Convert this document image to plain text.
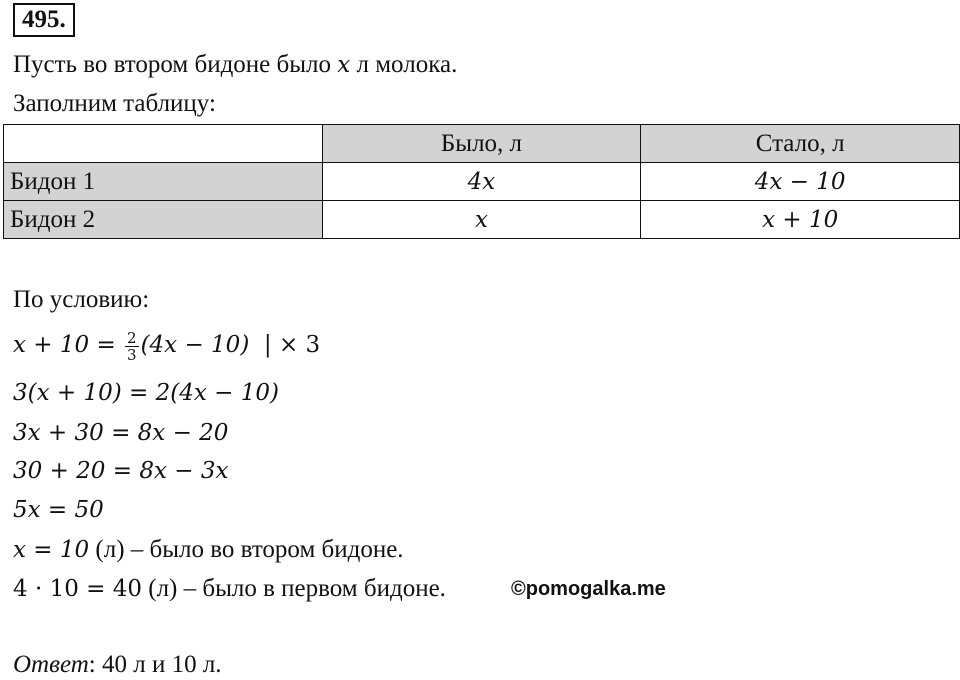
495.
Пусть во втором бидоне было x л молока.
Заполним таблицу:
	Было, л	Стало, л
Бидон 1	4x	4x − 10
Бидон 2	x	x + 10
По условию:
$x + 10 = \frac{2}{3} (4x - 10)$  | × 3
3(x + 10) = 2(4x − 10)
3x + 30 = 8x − 20
30 + 20 = 8x − 3x
5x = 50
x = 10 (л) – было во втором бидоне.
4 · 10 = 40 (л) – было в первом бидоне.	©pomogalka.me
Ответ: 40 л и 10 л.
